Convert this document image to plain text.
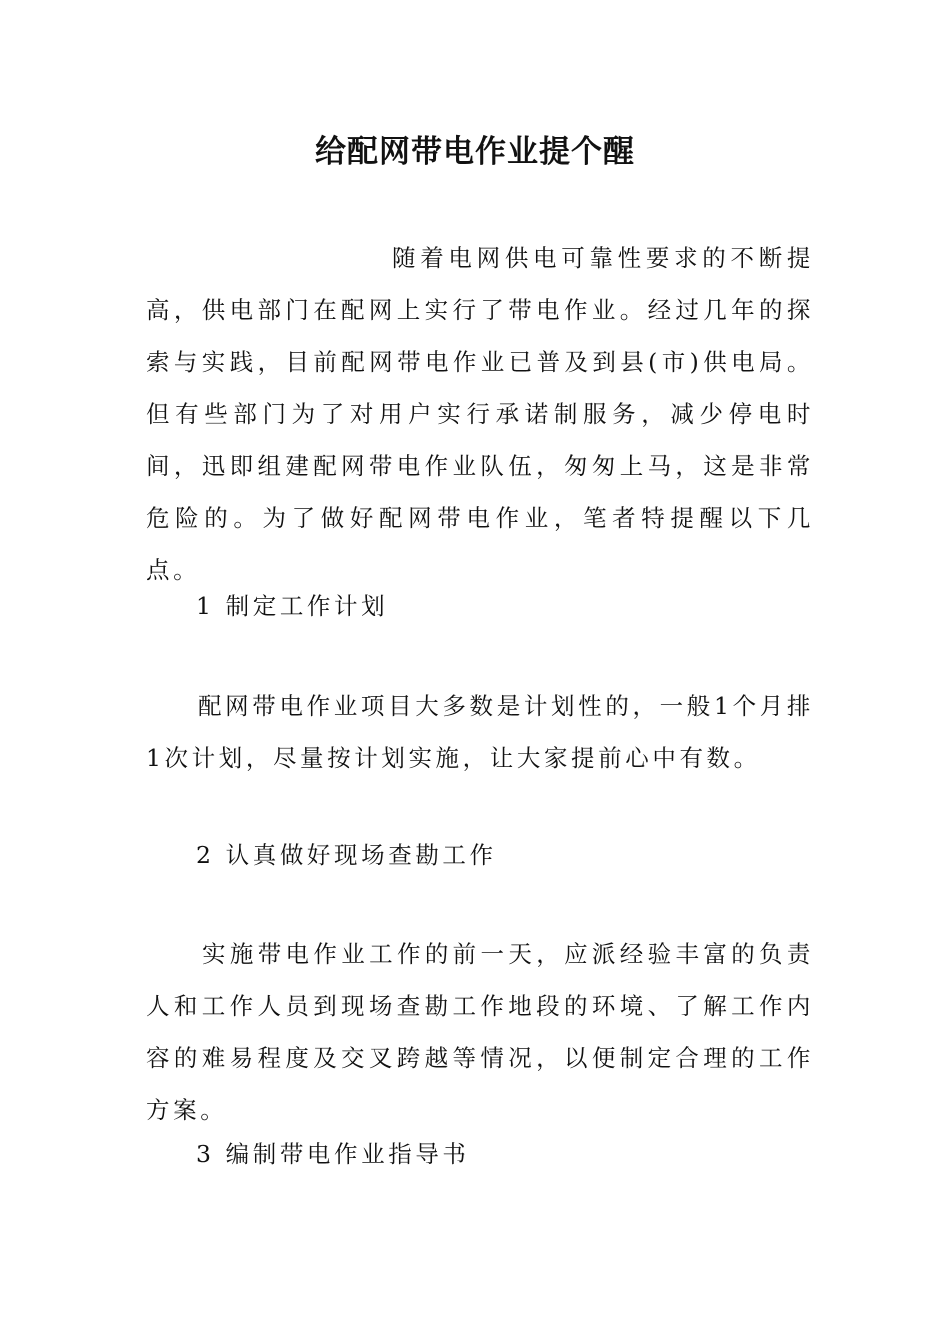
给配网带电作业提个醒

随着电网供电可靠性要求的不断提高，供电部门在配网上实行了带电作业。经过几年的探索与实践，目前配网带电作业已普及到县(市)供电局。但有些部门为了对用户实行承诺制服务，减少停电时间，迅即组建配网带电作业队伍，匆匆上马，这是非常危险的。为了做好配网带电作业，笔者特提醒以下几点。

1 制定工作计划

配网带电作业项目大多数是计划性的，一般1个月排1次计划，尽量按计划实施，让大家提前心中有数。

2 认真做好现场查勘工作

实施带电作业工作的前一天，应派经验丰富的负责人和工作人员到现场查勘工作地段的环境、了解工作内容的难易程度及交叉跨越等情况，以便制定合理的工作方案。

3 编制带电作业指导书
